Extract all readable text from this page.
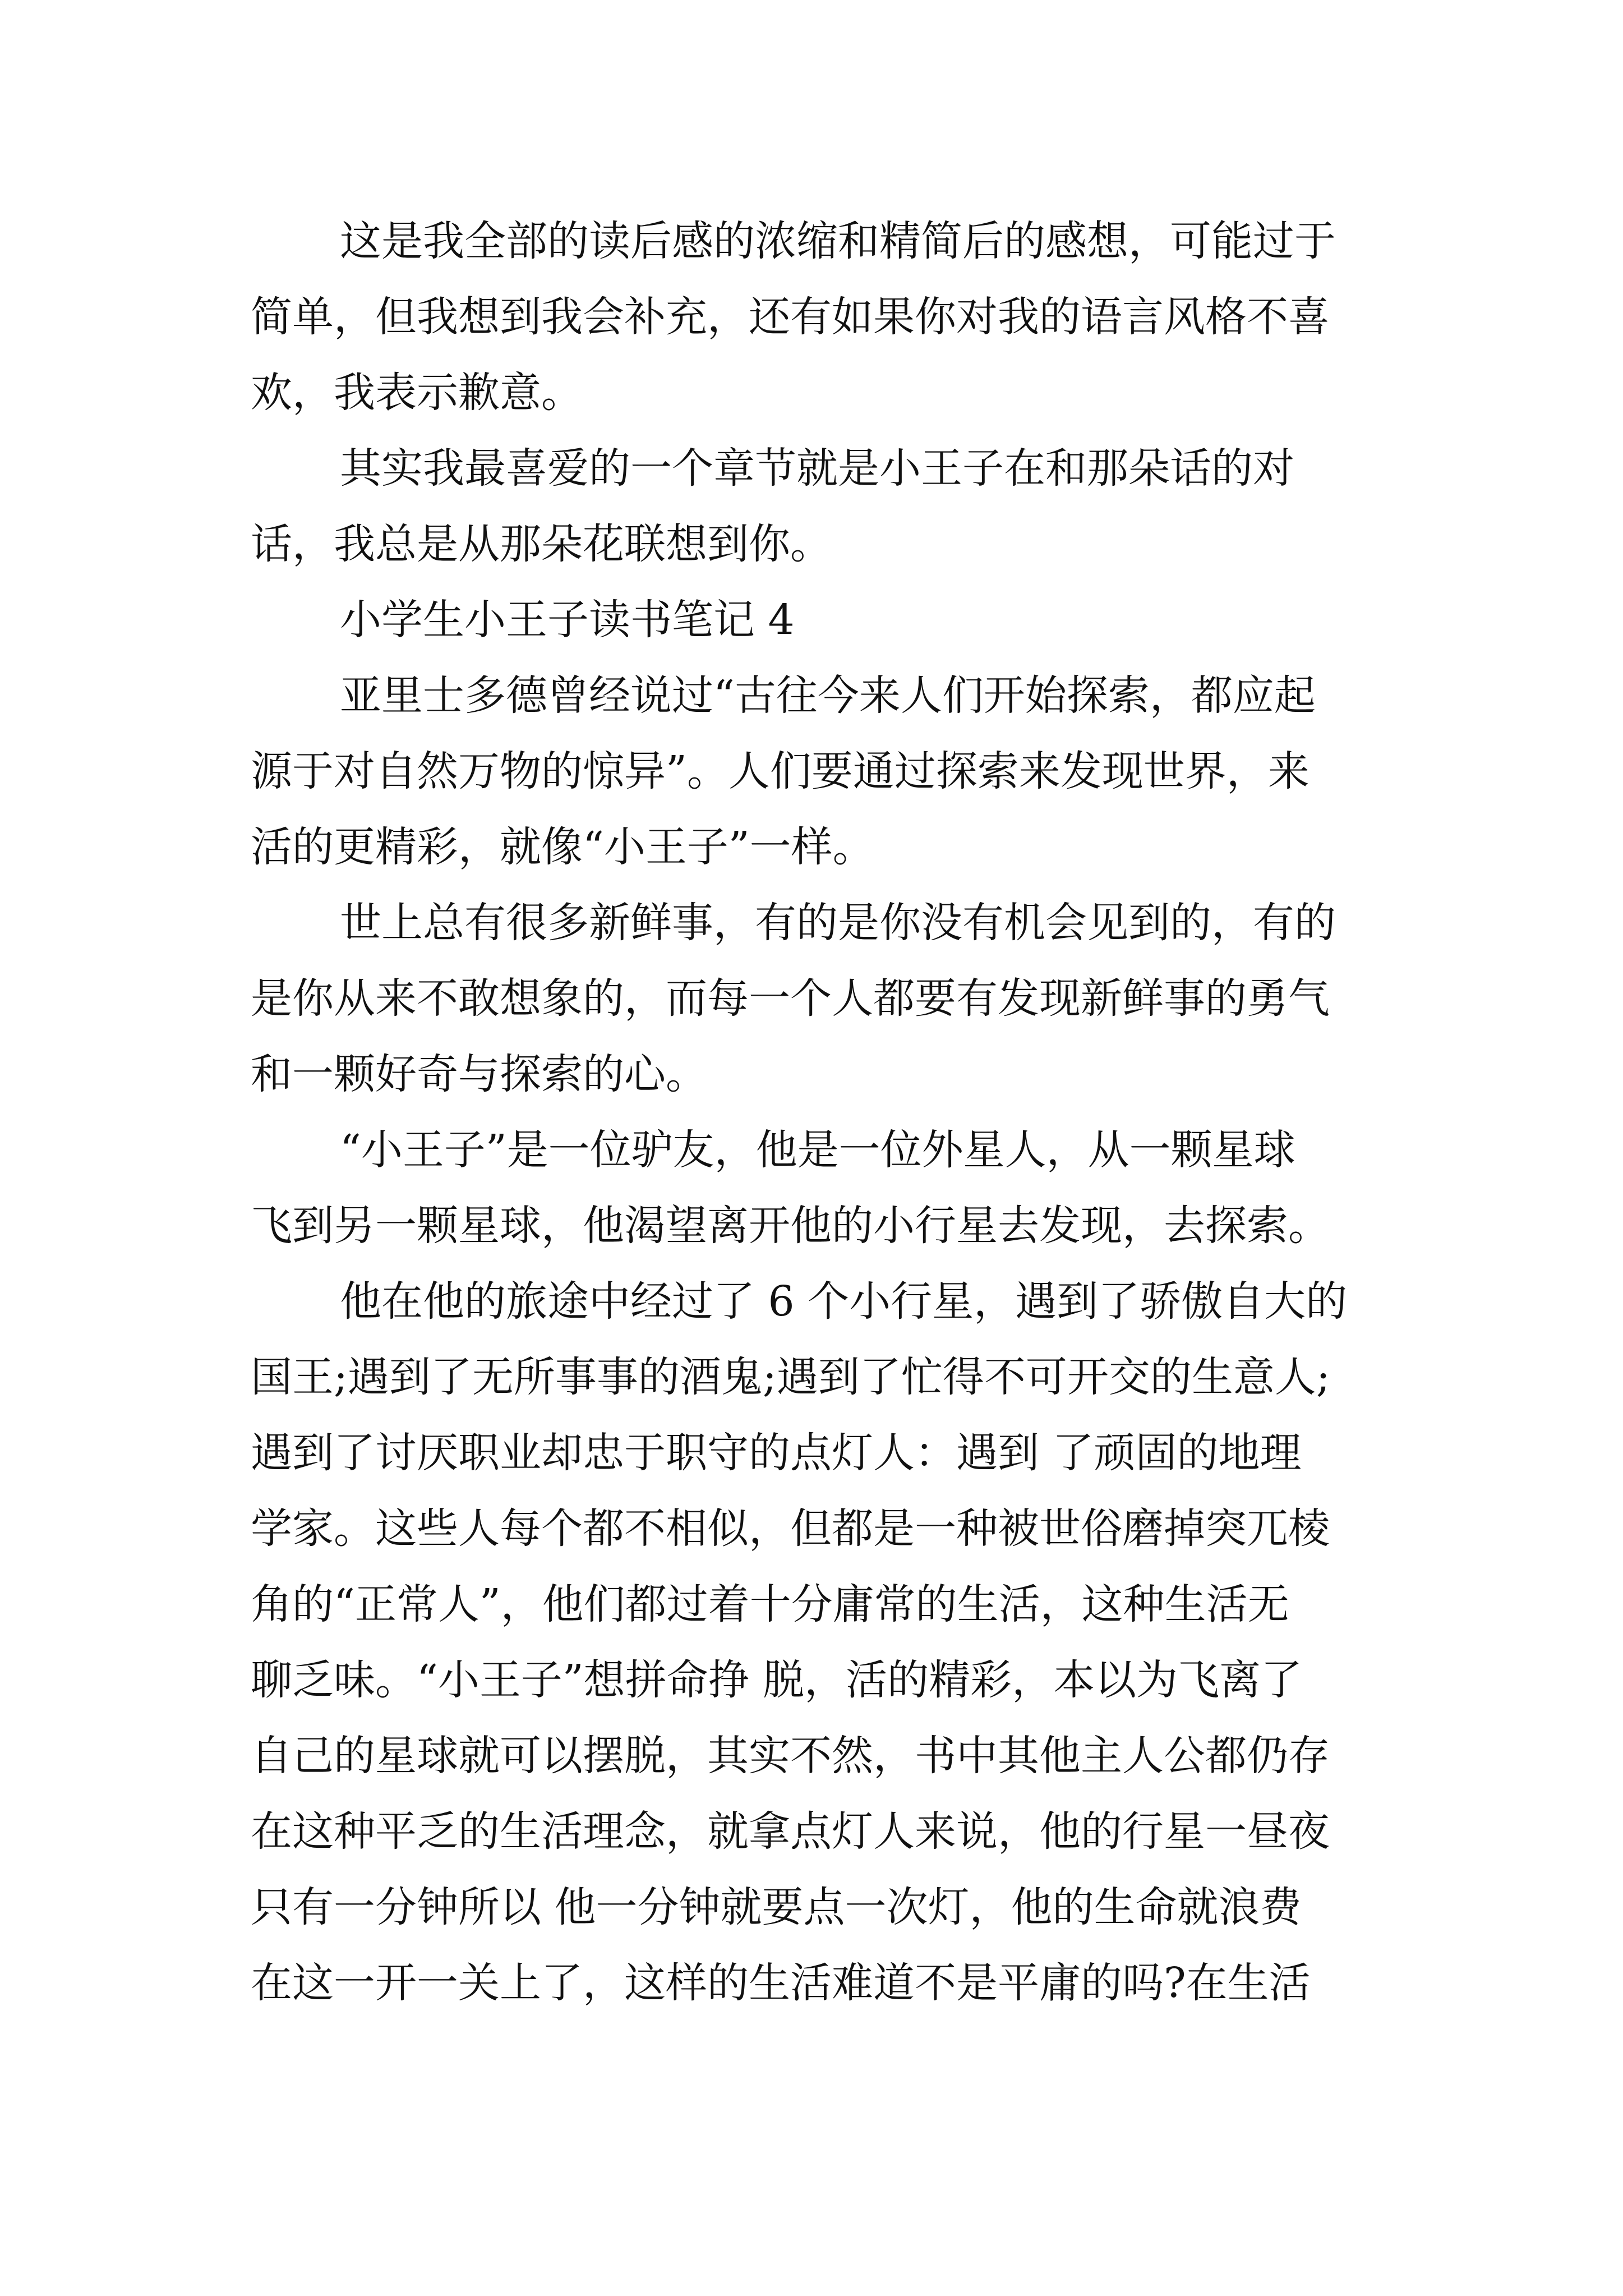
这是我全部的读后感的浓缩和精简后的感想，可能过于
简单，但我想到我会补充，还有如果你对我的语言风格不喜
欢，我表示歉意。
其实我最喜爱的一个章节就是小王子在和那朵话的对
话，我总是从那朵花联想到你。
小学生小王子读书笔记 4
亚里士多德曾经说过“古往今来人们开始探索，都应起
源于对自然万物的惊异”。人们要通过探索来发现世界，来
活的更精彩，就像“小王子”一样。
世上总有很多新鲜事，有的是你没有机会见到的，有的
是你从来不敢想象的，而每一个人都要有发现新鲜事的勇气
和一颗好奇与探索的心。
“小王子”是一位驴友，他是一位外星人，从一颗星球
飞到另一颗星球，他渴望离开他的小行星去发现，去探索。
他在他的旅途中经过了 6 个小行星，遇到了骄傲自大的
国王;遇到了无所事事的酒鬼;遇到了忙得不可开交的生意人;
遇到了讨厌职业却忠于职守的点灯人：遇到 了顽固的地理
学家。这些人每个都不相似，但都是一种被世俗磨掉突兀棱
角的“正常人”，他们都过着十分庸常的生活，这种生活无
聊乏味。“小王子”想拼命挣 脱，活的精彩，本以为飞离了
自己的星球就可以摆脱，其实不然，书中其他主人公都仍存
在这种平乏的生活理念，就拿点灯人来说，他的行星一昼夜
只有一分钟所以 他一分钟就要点一次灯，他的生命就浪费
在这一开一关上了，这样的生活难道不是平庸的吗?在生活
